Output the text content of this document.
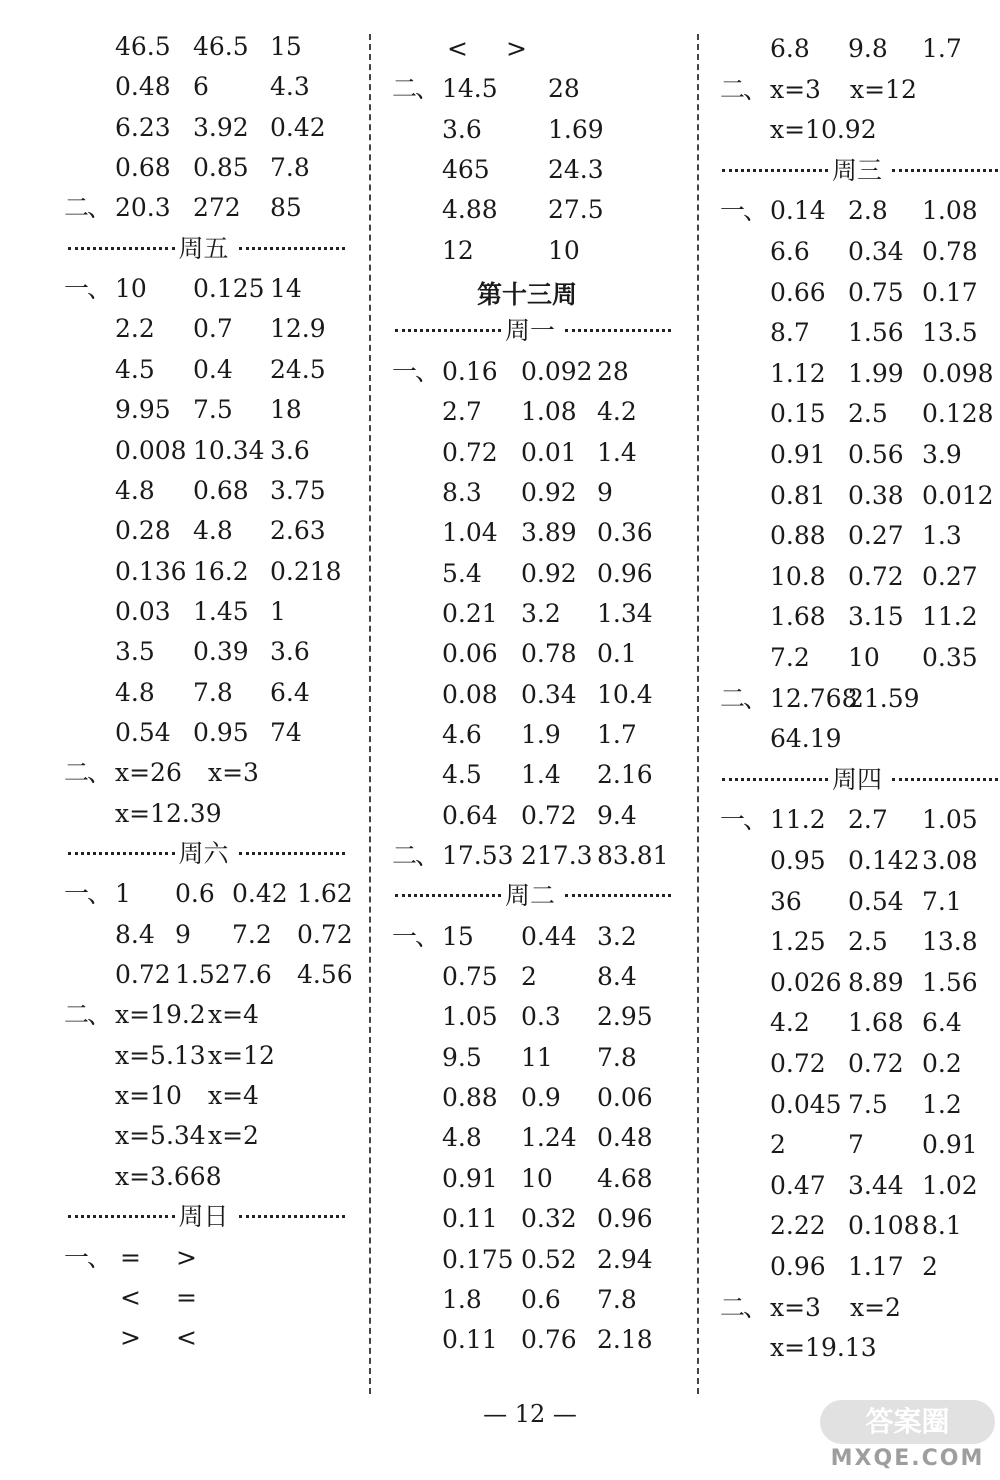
46.5 46.5 15
0.48 6 4.3
6.23 3.92 0.42
0.68 0.85 7.8
二、 20.3 272 85
周五
一、 10 0.125 14
2.2 0.7 12.9
4.5 0.4 24.5
9.95 7.5 18
0.008 10.34 3.6
4.8 0.68 3.75
0.28 4.8 2.63
0.136 16.2 0.218
0.03 1.45 1
3.5 0.39 3.6
4.8 7.8 6.4
0.54 0.95 74
二、 x=26 x=3
x=12.39
周六
一、 1 0.6 0.42 1.62
8.4 9 7.2 0.72
0.72 1.52 7.6 4.56
二、 x=19.2 x=4
x=5.13 x=12
x=10 x=4
x=5.34 x=2
x=3.668
周日
一、 = >
< =
> <
< >
二、 14.5 28
3.6	1.69
465 24.3
4.88 27.5
12	10
第十三周
周一
一、 0.16 0.092 28
2.7 1.08 4.2
0.72 0.01 1.4
8.3 0.92 9
1.04 3.89 0.36
5.4 0.92 0.96
0.21 3.2 1.34
0.06 0.78 0.1
0.08 0.34 10.4
4.6 1.9 1.7
4.5 1.4 2.16
0.64 0.72 9.4
二、 17.53 217.3 83.81
周二
一、 15 0.44 3.2
0.75 2 8.4
1.05 0.3 2.95
9.5 11 7.8
0.88 0.9 0.06
4.8 1.24 0.48
0.91 10 4.68
0.11 0.32 0.96
0.175 0.52 2.94
1.8 0.6 7.8
0.11 0.76 2.18
6.8 9.8 1.7
二、 x=3 x=12
x=10.92
周三
一、 0.14 2.8 1.08
6.6 0.34 0.78
0.66 0.75 0.17
8.7 1.56 13.5
1.12 1.99 0.098
0.15 2.5 0.128
0.91 0.56 3.9
0.81 0.38 0.012
0.88 0.27 1.3
10.8 0.72 0.27
1.68 3.15 11.2
7.2 10 0.35
二、 12.768
21.59
64.19
周四
一、 11.2 2.7 1.05
0.95 0.142 3.08
36 0.54 7.1
1.25 2.5 13.8
0.026 8.89 1.56
4.2 1.68 6.4
0.72 0.72 0.2
0.045 7.5 1.2
2 7 0.91
0.47 3.44 1.02
2.22 0.108 8.1
0.96 1.17 2
二、 x=3 x=2
x=19.13
— 12 —	答案圈
MXQE.COM
